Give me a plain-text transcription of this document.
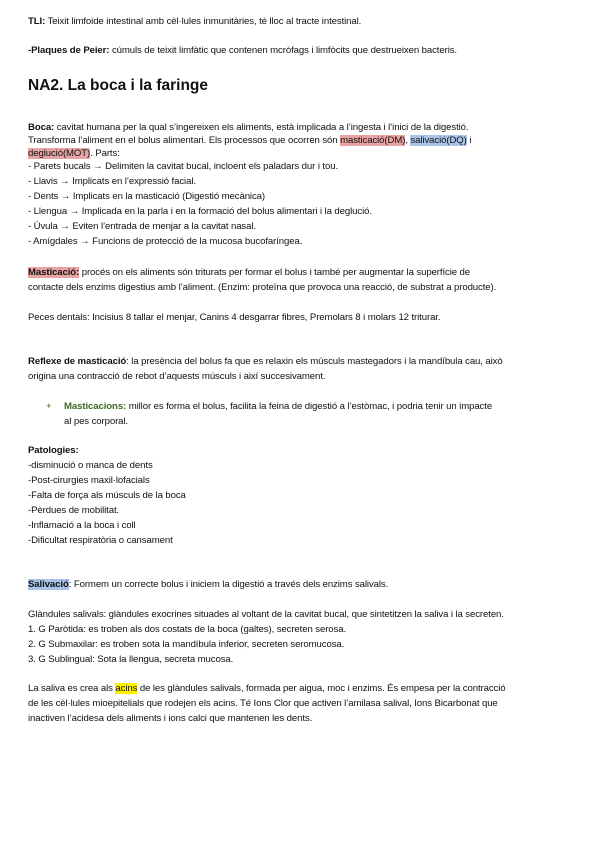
TLI: Teixit limfoide intestinal amb cèl·lules inmunitàries, té lloc al tracte intestinal.
-Plaques de Peier: cúmuls de teixit limfàtic que contenen mcròfags i limfòcits que destrueixen bacteris.
NA2. La boca i la faringe
Boca: cavitat humana per la qual s’ingereixen els aliments, està implicada a l’ingesta i l’inici de la digestió.
Transforma l’aliment en el bolus alimentari. Els processos que ocorren són masticació(DM), salivació(DQ) i
deglució(MOT). Parts:
- Parets bucals → Delimiten la cavitat bucal, incloent els paladars dur i tou.
- Llavis → Implicats en l’expressió facial.
- Dents → Implicats en la masticació (Digestió mecànica)
- Llengua → Implicada en la parla i en la formació del bolus alimentari i la deglució.
- Úvula → Eviten l’entrada de menjar a la cavitat nasal.
- Amígdales → Funcions de protecció de la mucosa bucofaríngea.
Masticació: procés on els aliments són triturats per formar el bolus i també per augmentar la superfície de
contacte dels enzims digestius amb l’aliment. (Enzim: proteïna que provoca una reacció, de substrat a producte).
Peces dentals: Incisius 8 tallar el menjar, Canins 4 desgarrar fibres, Premolars 8 i molars 12 triturar.
Reflexe de masticació: la presència del bolus fa que es relaxin els músculs mastegadors i la mandíbula cau, això
origina una contracció de rebot d’aquests músculs i així succesivament.
+ Masticacions: millor es forma el bolus, facilita la feina de digestió a l’estòmac, i podria tenir un impacte
al pes corporal.
Patologies:
-disminució o manca de dents
-Post-cirurgies maxil·lofacials
-Falta de força als músculs de la boca
-Pèrdues de mobilitat.
-Inflamació a la boca i coll
-Dificultat respiratòria o cansament
Salivació: Formem un correcte bolus i iniciem la digestió a través dels enzims salivals.
Glàndules salivals: glàndules exocrines situades al voltant de la cavitat bucal, que sintetitzen la saliva i la secreten.
1. G Paròtida: es troben als dos costats de la boca (galtes), secreten serosa.
2. G Submaxilar: es troben sota la mandíbula inferior, secreten seromucosa.
3. G Sublingual: Sota la llengua, secreta mucosa.
La saliva es crea als acins de les glàndules salivals, formada per aigua, moc i enzims. És empesa per la contracció
de les cèl·lules mioepitelials que rodejen els acins. Té Ions Clor que activen l’amilasa salival, Ions Bicarbonat que
inactiven l’acidesa dels aliments i ions calci que mantenen les dents.
